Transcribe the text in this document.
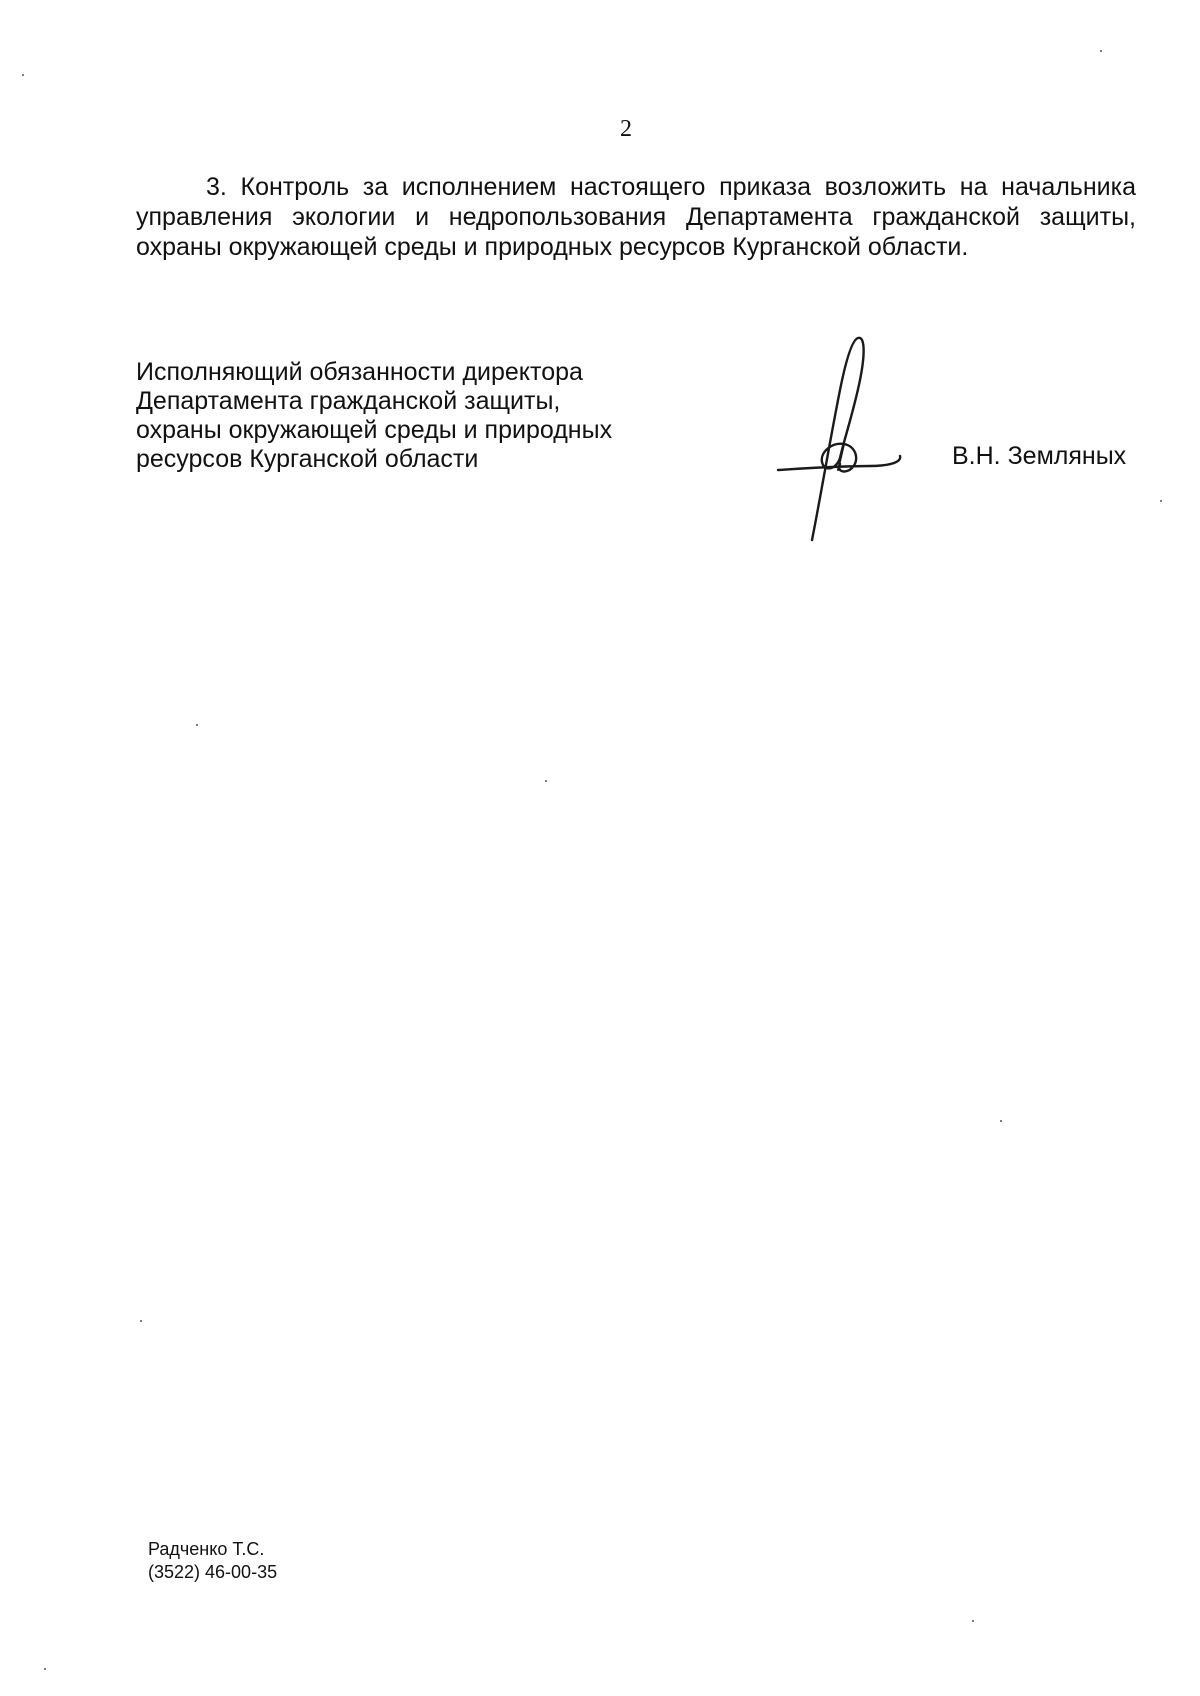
2

3. Контроль за исполнением настоящего приказа возложить на начальника управления экологии и недропользования Департамента гражданской защиты, охраны окружающей среды и природных ресурсов Курганской области.

Исполняющий обязанности директора
Департамента гражданской защиты,
охраны окружающей среды и природных
ресурсов Курганской области	В.Н. Земляных
Радченко Т.С.
(3522) 46-00-35
